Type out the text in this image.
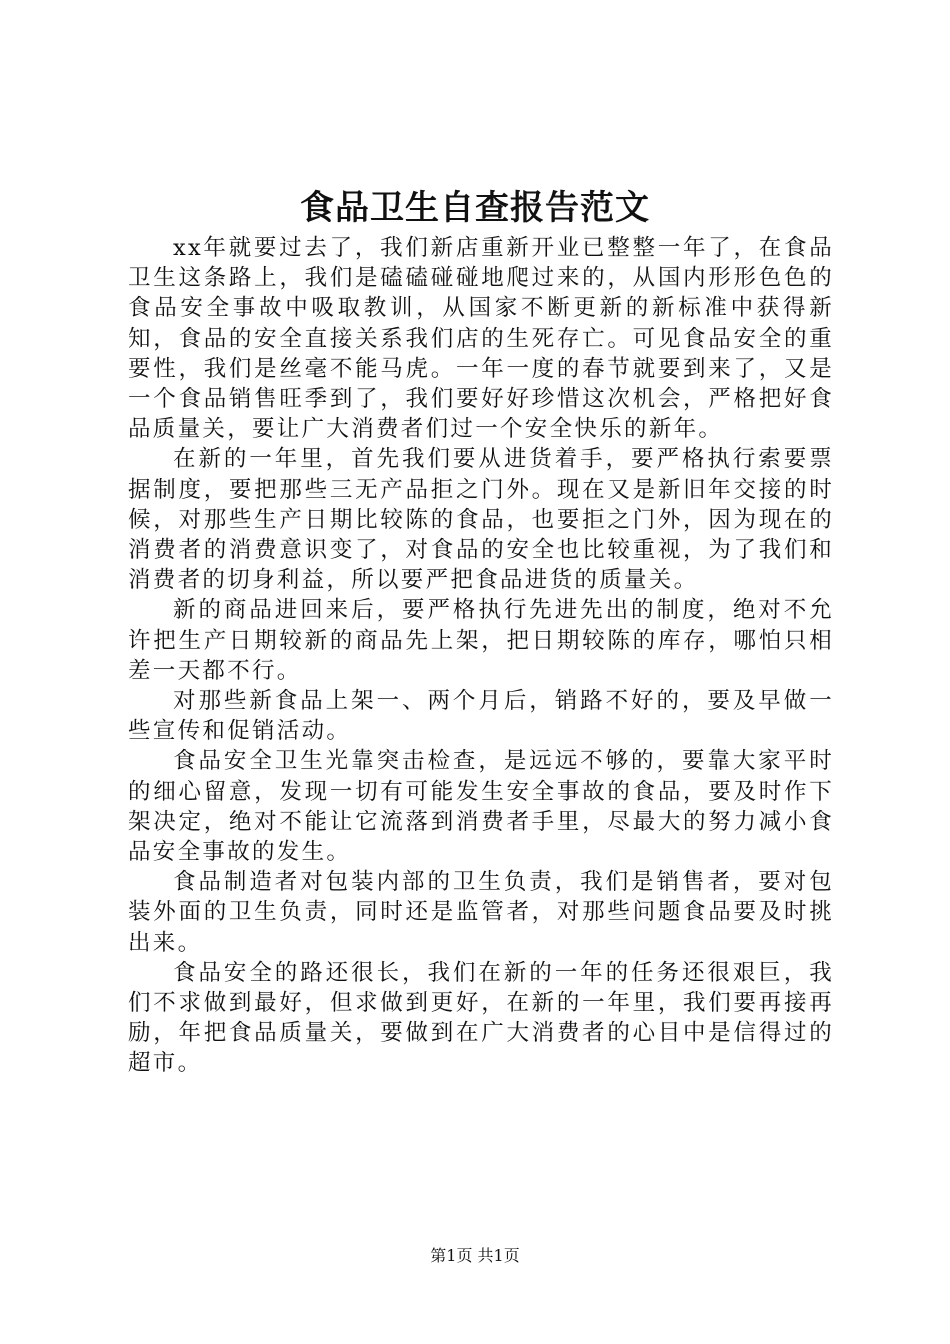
食品卫生自查报告范文

xx年就要过去了，我们新店重新开业已整整一年了，在食品卫生这条路上，我们是磕磕碰碰地爬过来的，从国内形形色色的食品安全事故中吸取教训，从国家不断更新的新标准中获得新知，食品的安全直接关系我们店的生死存亡。可见食品安全的重要性，我们是丝毫不能马虎。一年一度的春节就要到来了，又是一个食品销售旺季到了，我们要好好珍惜这次机会，严格把好食品质量关，要让广大消费者们过一个安全快乐的新年。

在新的一年里，首先我们要从进货着手，要严格执行索要票据制度，要把那些三无产品拒之门外。现在又是新旧年交接的时候，对那些生产日期比较陈的食品，也要拒之门外，因为现在的消费者的消费意识变了，对食品的安全也比较重视，为了我们和消费者的切身利益，所以要严把食品进货的质量关。

新的商品进回来后，要严格执行先进先出的制度，绝对不允许把生产日期较新的商品先上架，把日期较陈的库存，哪怕只相差一天都不行。

对那些新食品上架一、两个月后，销路不好的，要及早做一些宣传和促销活动。

食品安全卫生光靠突击检查，是远远不够的，要靠大家平时的细心留意，发现一切有可能发生安全事故的食品，要及时作下架决定，绝对不能让它流落到消费者手里，尽最大的努力减小食品安全事故的发生。

食品制造者对包装内部的卫生负责，我们是销售者，要对包装外面的卫生负责，同时还是监管者，对那些问题食品要及时挑出来。

食品安全的路还很长，我们在新的一年的任务还很艰巨，我们不求做到最好，但求做到更好，在新的一年里，我们要再接再励，年把食品质量关，要做到在广大消费者的心目中是信得过的超市。

第1页 共1页
